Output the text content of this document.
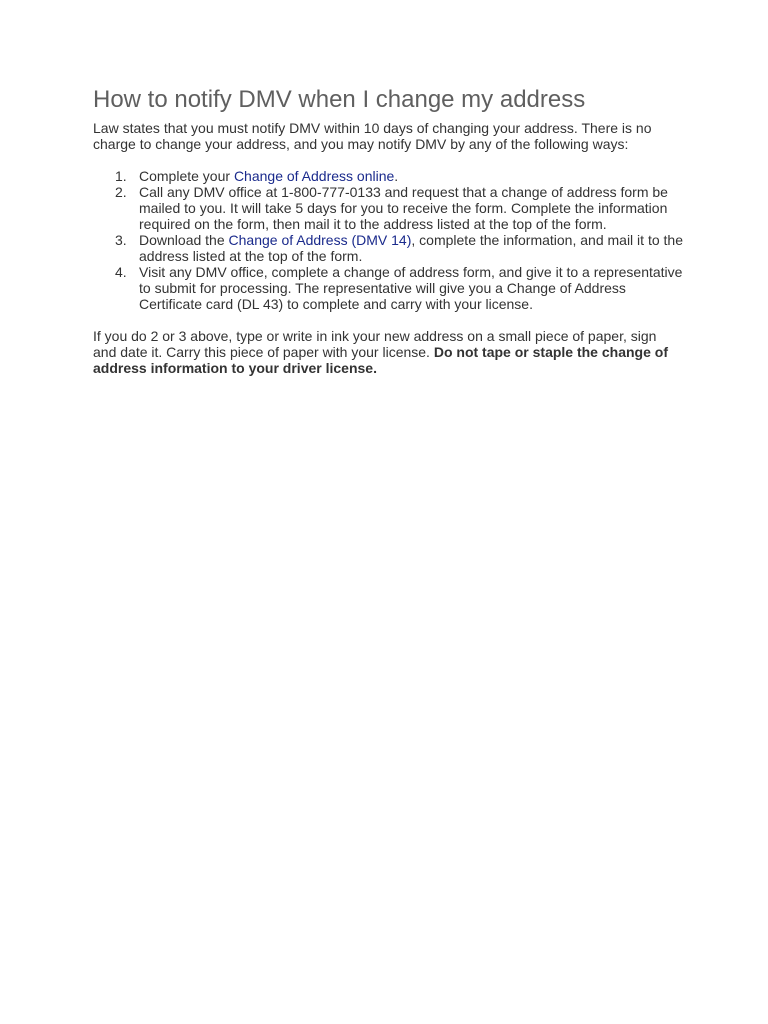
How to notify DMV when I change my address

Law states that you must notify DMV within 10 days of changing your address. There is no charge to change your address, and you may notify DMV by any of the following ways:

1. Complete your Change of Address online.
2. Call any DMV office at 1-800-777-0133 and request that a change of address form be mailed to you. It will take 5 days for you to receive the form. Complete the information required on the form, then mail it to the address listed at the top of the form.
3. Download the Change of Address (DMV 14), complete the information, and mail it to the address listed at the top of the form.
4. Visit any DMV office, complete a change of address form, and give it to a representative to submit for processing. The representative will give you a Change of Address Certificate card (DL 43) to complete and carry with your license.

If you do 2 or 3 above, type or write in ink your new address on a small piece of paper, sign and date it. Carry this piece of paper with your license. Do not tape or staple the change of address information to your driver license.
